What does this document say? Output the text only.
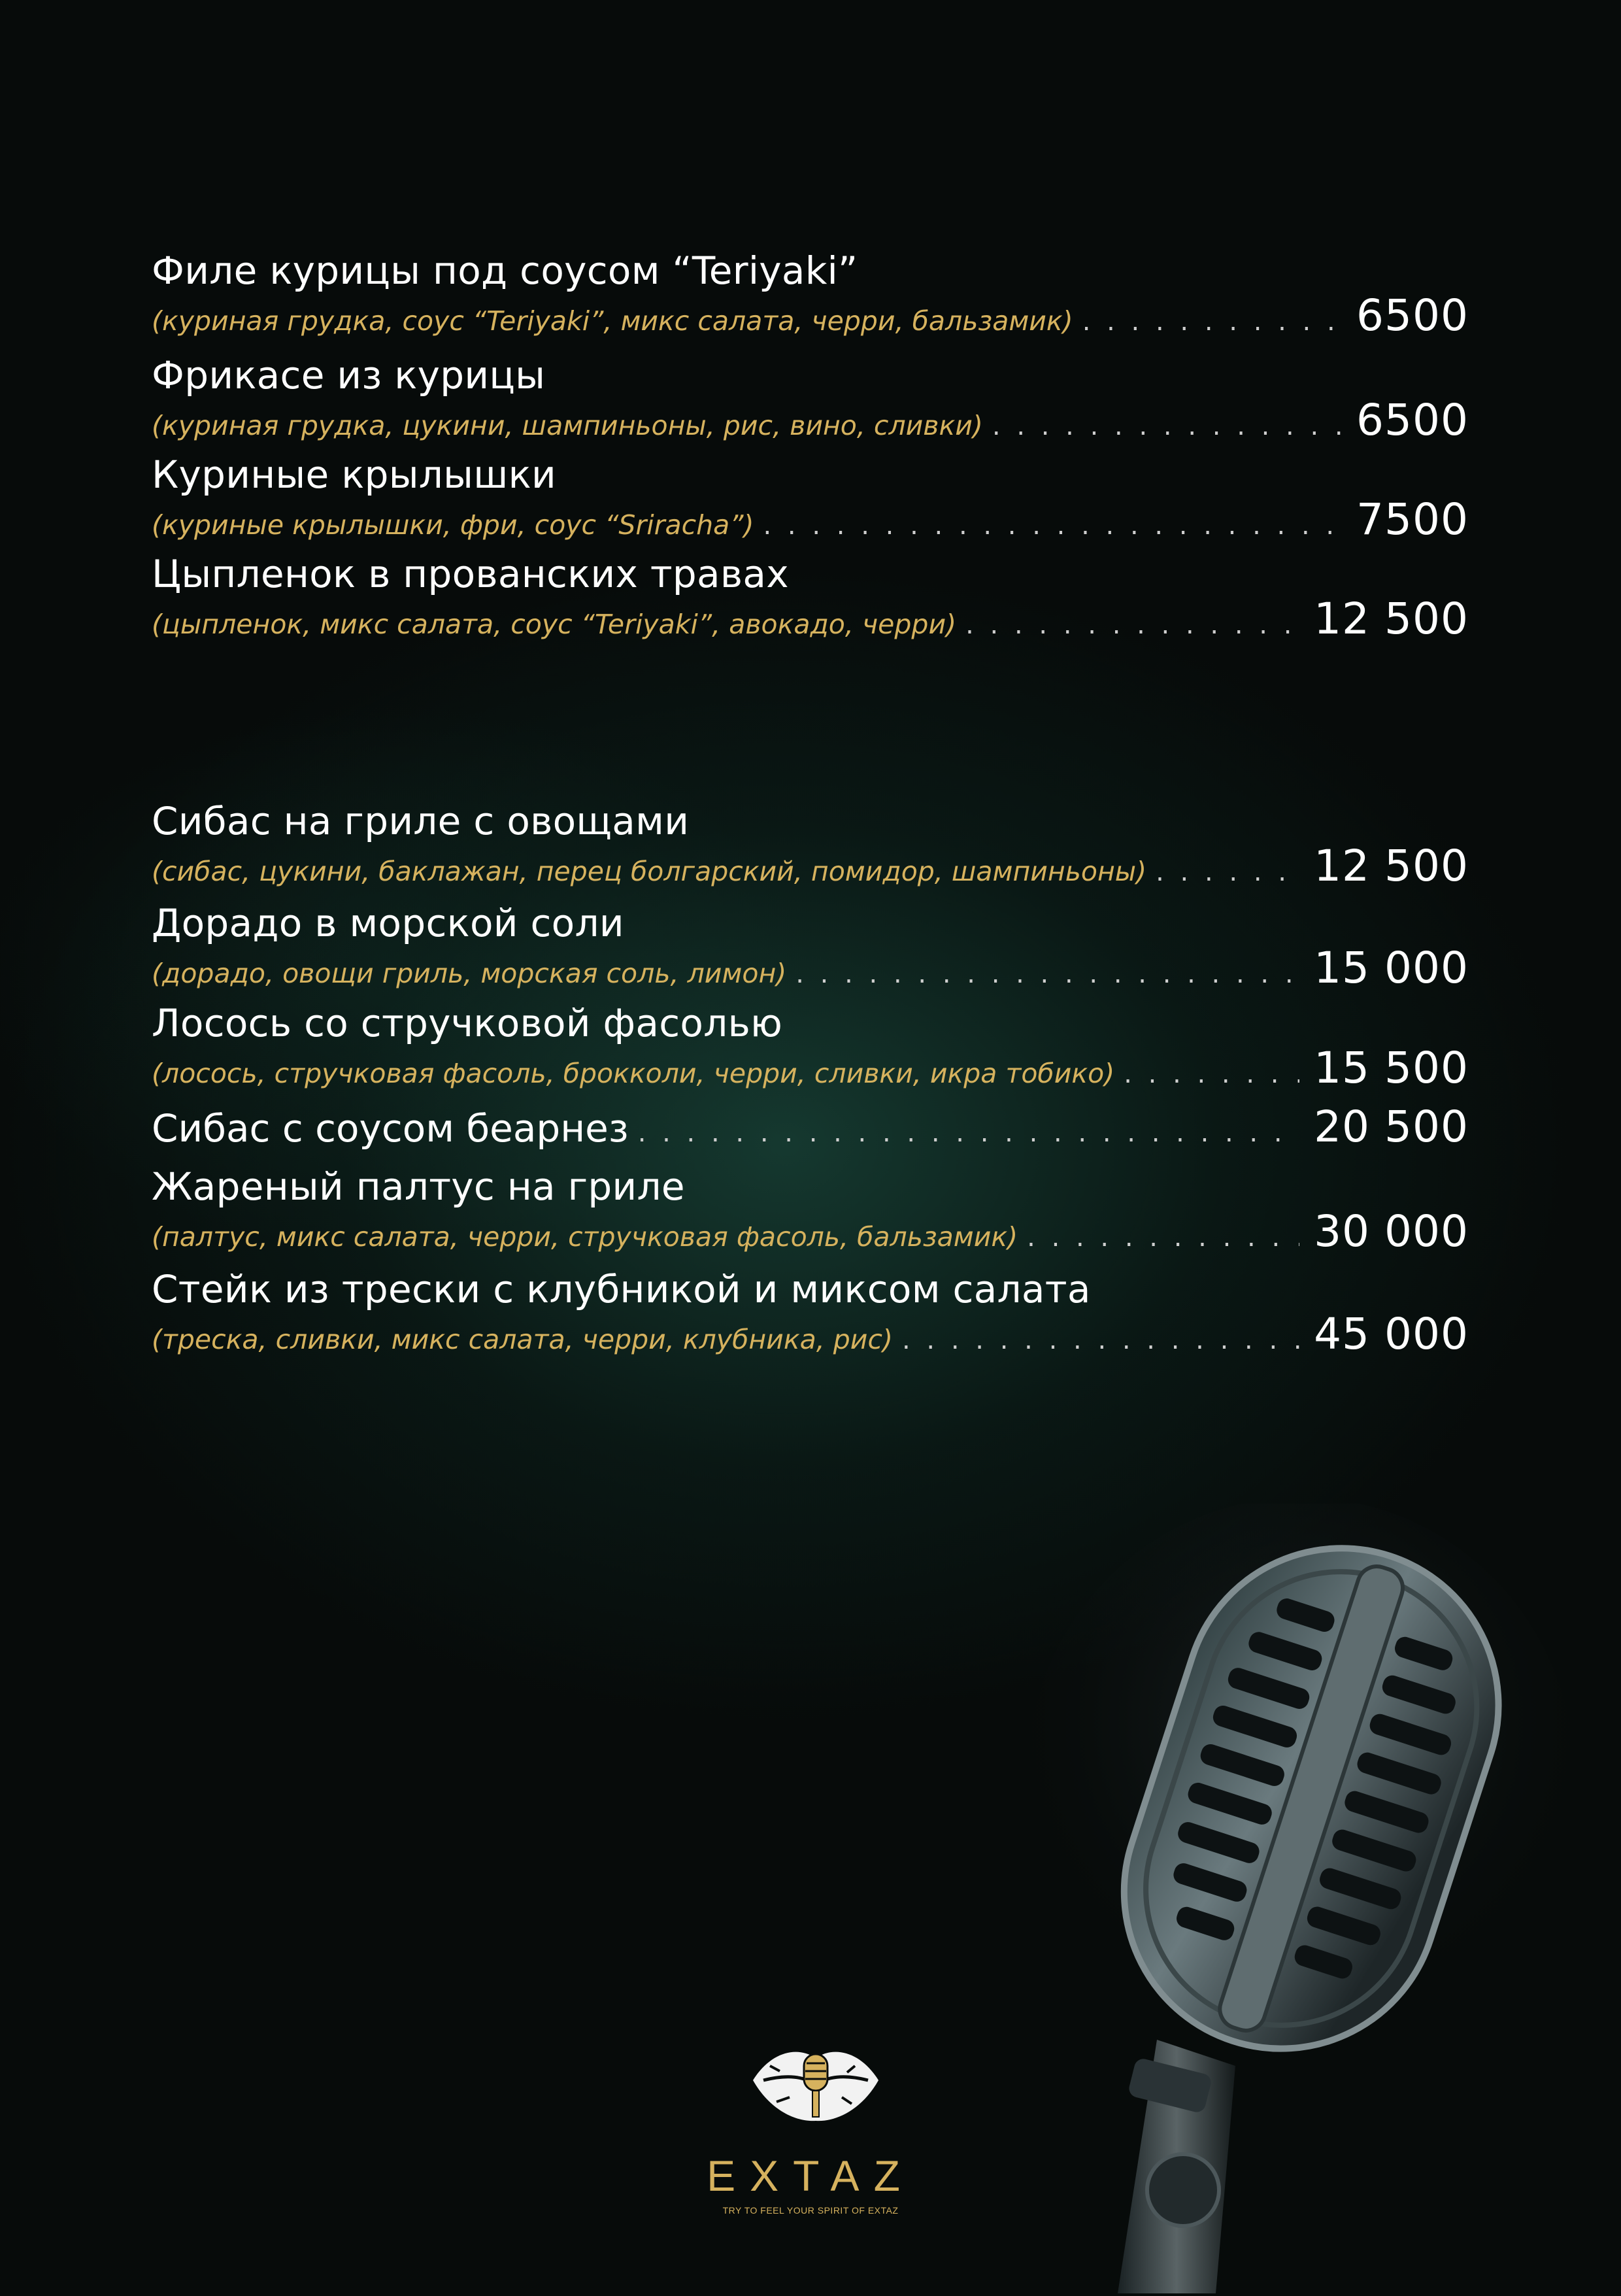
Филе курицы под соусом “Teriyaki”
(куриная грудка, соус “Teriyaki”, микс салата, черри, бальзамик) . . .	6500
Фрикасе из курицы
(куриная грудка, цукини, шампиньоны, рис, вино, сливки) . . .	6500
Куриные крылышки
(куриные крылышки, фри, соус “Sriracha”) . . .	7500
Цыпленок в прованских травах
(цыпленок, микс салата, соус “Teriyaki”, авокадо, черри) . . .	12 500
Сибас на гриле с овощами
(сибас, цукини, баклажан, перец болгарский, помидор, шампиньоны) . . .	12 500
Дорадо в морской соли
(дорадо, овощи гриль, морская соль, лимон) . . .	15 000
Лосось со стручковой фасолью
(лосось, стручковая фасоль, брокколи, черри, сливки, икра тобико) . . .	15 500
Сибас с соусом беарнез . . .	20 500
Жареный палтус на гриле
(палтус, микс салата, черри, стручковая фасоль, бальзамик) . . .	30 000
Стейк из трески с клубникой и миксом салата
(треска, сливки, микс салата, черри, клубника, рис) . . .	45 000
EXTAZ
TRY TO FEEL YOUR SPIRIT OF EXTAZ
